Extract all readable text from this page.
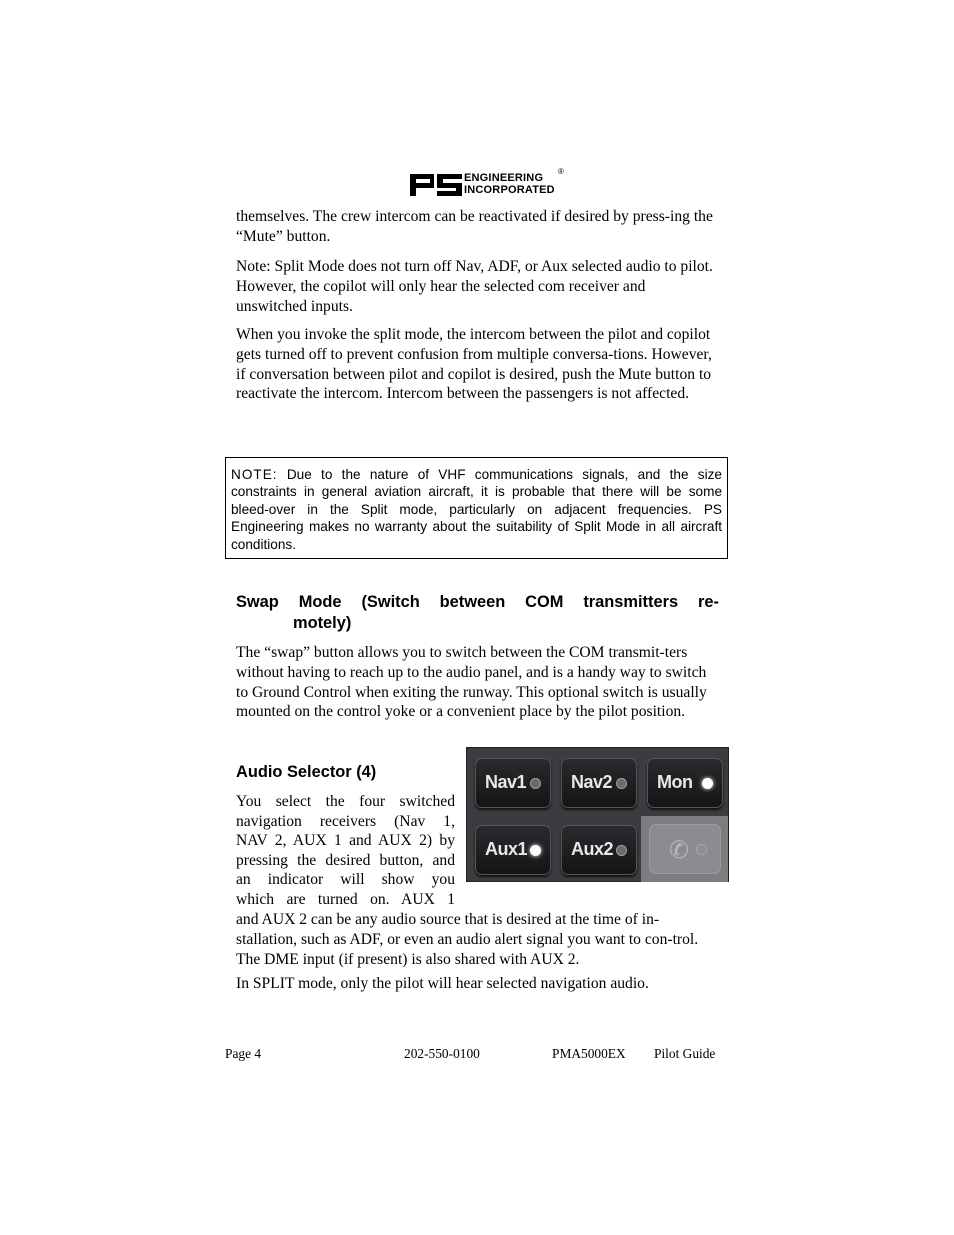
ENGINEERING
INCORPORATED
®
themselves. The crew intercom can be reactivated if desired by press-ing the “Mute” button.
Note: Split Mode does not turn off Nav, ADF, or Aux selected audio to pilot. However, the copilot will only hear the selected com receiver and unswitched inputs.
When you invoke the split mode, the intercom between the pilot and copilot gets turned off to prevent confusion from multiple conversa-tions. However, if conversation between pilot and copilot is desired, push the Mute button to reactivate the intercom. Intercom between the passengers is not affected.
NOTE: Due to the nature of VHF communications signals, and the size constraints in general aviation aircraft, it is probable that there will be some bleed-over in the Split mode, particularly on adjacent frequencies. PS Engineering makes no warranty about the suitability of Split Mode in all aircraft conditions.
Swap Mode (Switch between COM transmitters re-
motely)
The “swap” button allows you to switch between the COM transmit-ters without having to reach up to the audio panel, and is a handy way to switch to Ground Control when exiting the runway. This optional switch is usually mounted on the control yoke or a convenient place by the pilot position.
Audio Selector (4)
You select the four switched
navigation receivers (Nav 1,
NAV 2, AUX 1 and AUX 2) by
pressing the desired button, and
an indicator will show you
which are turned on. AUX 1
Nav1 Nav2 Mon
Aux1 Aux2 ✆
and AUX 2 can be any audio source that is desired at the time of in-stallation, such as ADF, or even an audio alert signal you want to con-trol. The DME input (if present) is also shared with AUX 2.
In SPLIT mode, only the pilot will hear selected navigation audio.
Page 4	202-550-0100	PMA5000EX Pilot Guide
